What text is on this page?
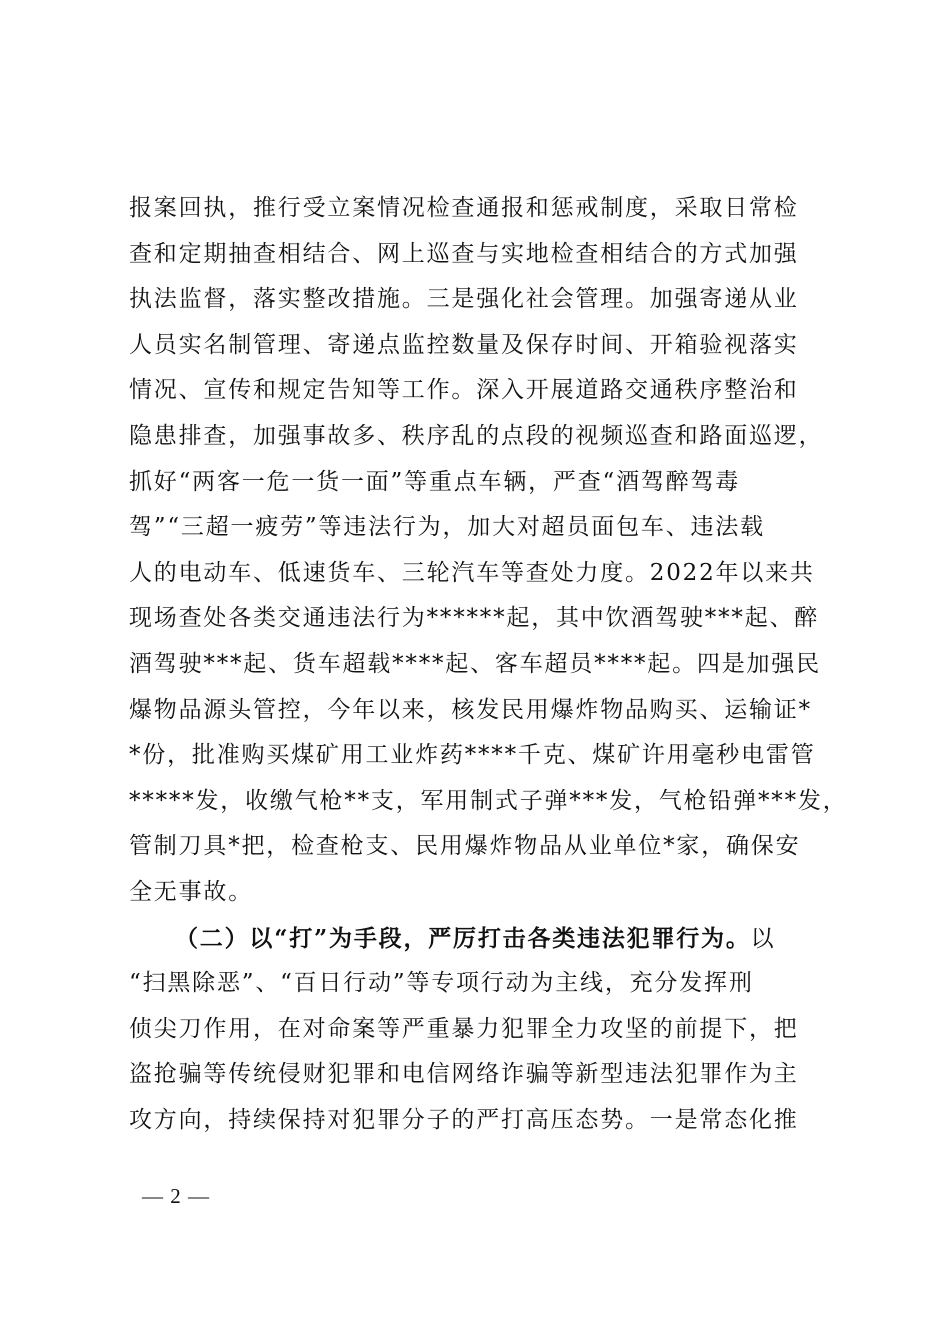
报案回执，推行受立案情况检查通报和惩戒制度，采取日常检
查和定期抽查相结合、网上巡查与实地检查相结合的方式加强
执法监督，落实整改措施。三是强化社会管理。加强寄递从业
人员实名制管理、寄递点监控数量及保存时间、开箱验视落实
情况、宣传和规定告知等工作。深入开展道路交通秩序整治和
隐患排查，加强事故多、秩序乱的点段的视频巡查和路面巡逻，
抓好“两客一危一货一面”等重点车辆，严查“酒驾醉驾毒
驾”“三超一疲劳”等违法行为，加大对超员面包车、违法载
人的电动车、低速货车、三轮汽车等查处力度。2022年以来共
现场查处各类交通违法行为******起，其中饮酒驾驶***起、醉
酒驾驶***起、货车超载****起、客车超员****起。四是加强民
爆物品源头管控，今年以来，核发民用爆炸物品购买、运输证*
*份，批准购买煤矿用工业炸药****千克、煤矿许用毫秒电雷管
*****发，收缴气枪**支，军用制式子弹***发，气枪铅弹***发，
管制刀具*把，检查枪支、民用爆炸物品从业单位*家，确保安
全无事故。
（二）以“打”为手段，严厉打击各类违法犯罪行为。以
“扫黑除恶”、“百日行动”等专项行动为主线，充分发挥刑
侦尖刀作用，在对命案等严重暴力犯罪全力攻坚的前提下，把
盗抢骗等传统侵财犯罪和电信网络诈骗等新型违法犯罪作为主
攻方向，持续保持对犯罪分子的严打高压态势。一是常态化推
— 2 —
